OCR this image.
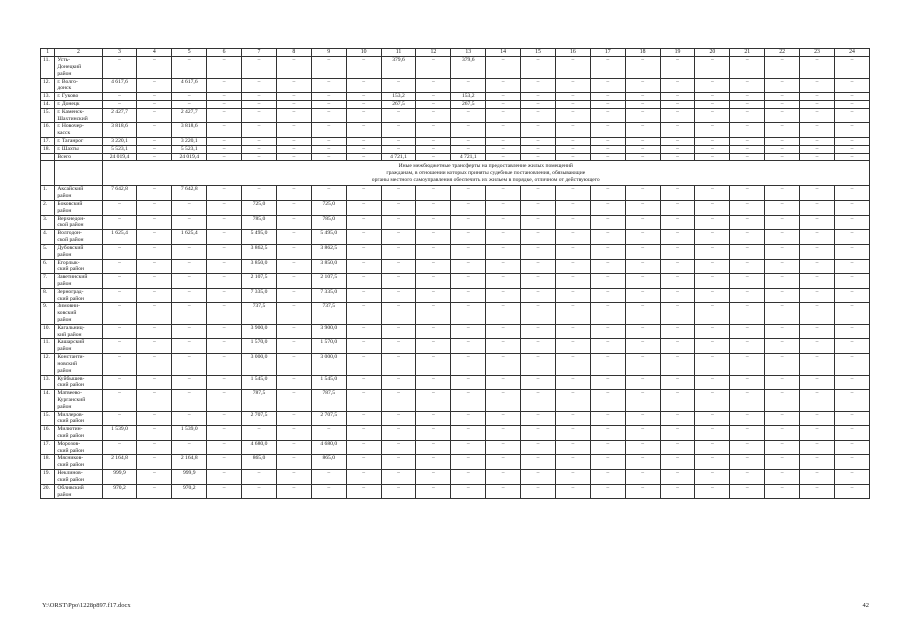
1	2	3	4	5	6	7	8	9	10	11	12	13	14	15	16	17	18	19	20	21	22	23	24
11.	Усть-
Донецкий
район	–	–	–	–	–	–	–	–	379,6	–	379,6	–	–	–	–	–	–	–	–	–	–	–
12.	г. Волго-
донск	4 617,6	–	4 617,6	–	–	–	–	–	–	–	–	–	–	–	–	–	–	–	–	–	–	–
13.	г. Гуково	–	–	–	–	–	–	–	–	153,2	–	153,2	–	–	–	–	–	–	–	–	–	–	–
14.	г. Донецк	–	–	–	–	–	–	–	–	267,5	–	267,5	–	–	–	–	–	–	–	–	–	–	–
15.	г. Каменск-
Шахтинский	2 427,7	–	2 427,7	–	–	–	–	–	–	–	–	–	–	–	–	–	–	–	–	–	–	–
16.	г. Новочер-
касск	3 818,6	–	3 818,6	–	–	–	–	–	–	–	–	–	–	–	–	–	–	–	–	–	–	–
17.	г. Таганрог	3 220,1	–	3 220,1	–	–	–	–	–	–	–	–	–	–	–	–	–	–	–	–	–	–	–
18.	г. Шахты	5 523,1	–	5 523,1	–	–	–	–	–	–	–	–	–	–	–	–	–	–	–	–	–	–	–
	Всего	24 019,4	–	24 019,4	–	–	–	–	–	4 721,1	–	4 721,1	–	–	–	–	–	–	–	–	–	–	–
		Иные межбюджетные трансферты на предоставление жилых помещений
гражданам, в отношении которых приняты судебные постановления, обязывающие
органы местного самоуправления обеспечить их жильем в порядке, отличном от действующего																					
1.	Аксайский
район	7 642,8	–	7 642,8	–	–	–	–	–	–	–	–	–	–	–	–	–	–	–	–	–	–	–
2.	Боковский
район	–	–	–	–	725,0	–	725,0	–	–	–	–	–	–	–	–	–	–	–	–	–	–	–
3.	Верхнедон-
ской район	–	–	–	–	785,0	–	785,0	–	–	–	–	–	–	–	–	–	–	–	–	–	–	–
4.	Волгодон-
ской район	1 625,4	–	1 625,4	–	5 495,0	–	5 495,0	–	–	–	–	–	–	–	–	–	–	–	–	–	–	–
5.	Дубовский
район	–	–	–	–	3 862,5	–	3 862,5	–	–	–	–	–	–	–	–	–	–	–	–	–	–	–
6.	Егорлык-
ский район	–	–	–	–	3 850,0	–	3 850,0	–	–	–	–	–	–	–	–	–	–	–	–	–	–	–
7.	Заветинский
район	–	–	–	–	2 107,5	–	2 107,5	–	–	–	–	–	–	–	–	–	–	–	–	–	–	–
8.	Зерноград-
ский район	–	–	–	–	7 335,0	–	7 335,0	–	–	–	–	–	–	–	–	–	–	–	–	–	–	–
9.	Зимовни-
ковский
район	–	–	–	–	737,5	–	737,5	–	–	–	–	–	–	–	–	–	–	–	–	–	–	–
10.	Кагальниц-
кий район	–	–	–	–	3 900,0	–	3 900,0	–	–	–	–	–	–	–	–	–	–	–	–	–	–	–
11.	Кашарский
район	–	–	–	–	1 570,0	–	1 570,0	–	–	–	–	–	–	–	–	–	–	–	–	–	–	–
12.	Константи-
новский
район	–	–	–	–	3 000,0	–	3 000,0	–	–	–	–	–	–	–	–	–	–	–	–	–	–	–
13.	Куйбышев-
ский район	–	–	–	–	1 545,0	–	1 545,0	–	–	–	–	–	–	–	–	–	–	–	–	–	–	–
14.	Матвеево-
Курганский
район	–	–	–	–	787,5	–	787,5	–	–	–	–	–	–	–	–	–	–	–	–	–	–	–
15.	Миллеров-
ский район	–	–	–	–	2 707,5	–	2 707,5	–	–	–	–	–	–	–	–	–	–	–	–	–	–	–
16.	Милютин-
ский район	1 539,0	–	1 539,0	–	–	–	–	–	–	–	–	–	–	–	–	–	–	–	–	–	–	–
17.	Морозов-
ский район	–	–	–	–	4 680,0	–	4 680,0	–	–	–	–	–	–	–	–	–	–	–	–	–	–	–
18.	Мясников-
ский район	2 164,8	–	2 164,8	–	865,0	–	865,0	–	–	–	–	–	–	–	–	–	–	–	–	–	–	–
19.	Неклинов-
ский район	999,9	–	999,9	–	–	–	–	–	–	–	–	–	–	–	–	–	–	–	–	–	–	–
20.	Обливский
район	970,2	–	970,2	–	–	–	–	–	–	–	–	–	–	–	–	–	–	–	–	–	–	–
Y:\ORST\Ppo\1228p897.f17.docx	42
